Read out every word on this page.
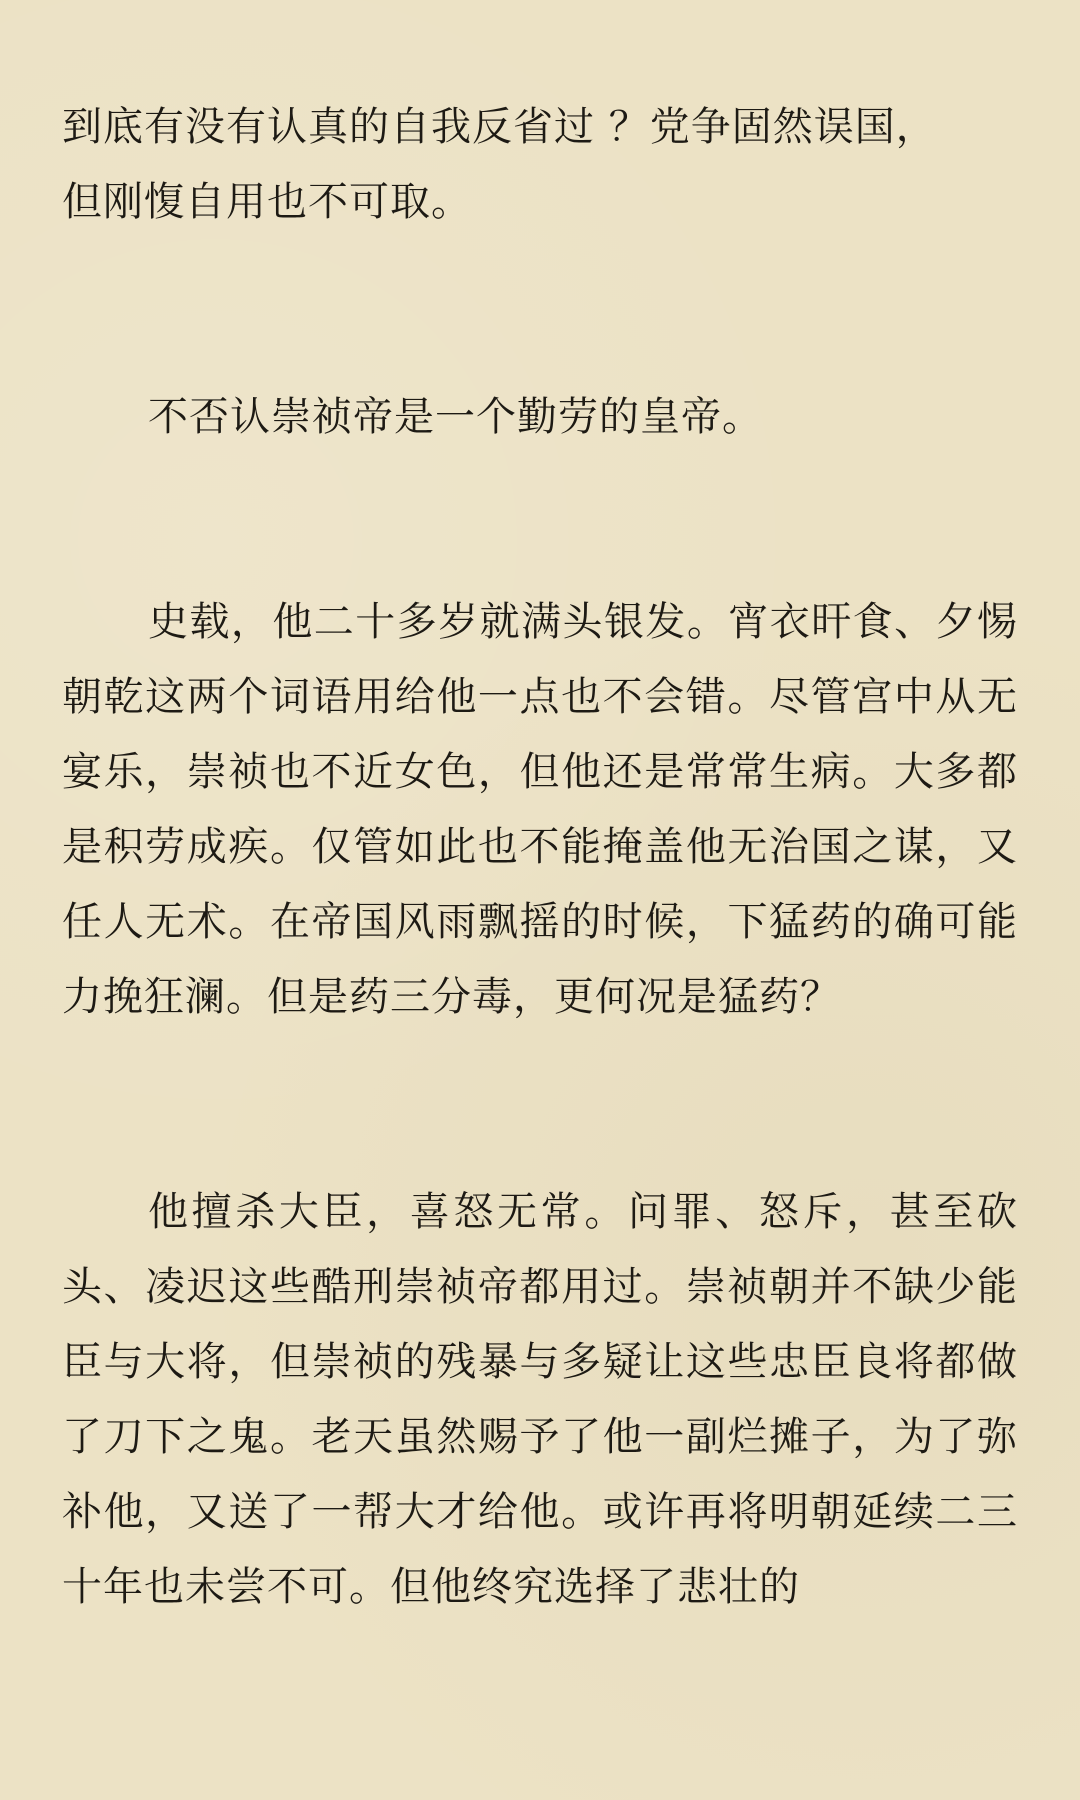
到底有没有认真的自我反省过 ？党争固然误国，
但刚愎自用也不可取。

不否认崇祯帝是一个勤劳的皇帝。

史载，他二十多岁就满头银发。宵衣旰食、夕惕朝乾这两个词语用给他一点也不会错。尽管宫中从无宴乐，崇祯也不近女色，但他还是常常生病。大多都是积劳成疾。仅管如此也不能掩盖他无治国之谋，又任人无术。在帝国风雨飘摇的时候，下猛药的确可能力挽狂澜。但是药三分毒，更何况是猛药？

他擅杀大臣，喜怒无常。问罪、怒斥，甚至砍头、凌迟这些酷刑崇祯帝都用过。崇祯朝并不缺少能臣与大将，但崇祯的残暴与多疑让这些忠臣良将都做了刀下之鬼。老天虽然赐予了他一副烂摊子，为了弥补他，又送了一帮大才给他。或许再将明朝延续二三十年也未尝不可。但他终究选择了悲壮的
